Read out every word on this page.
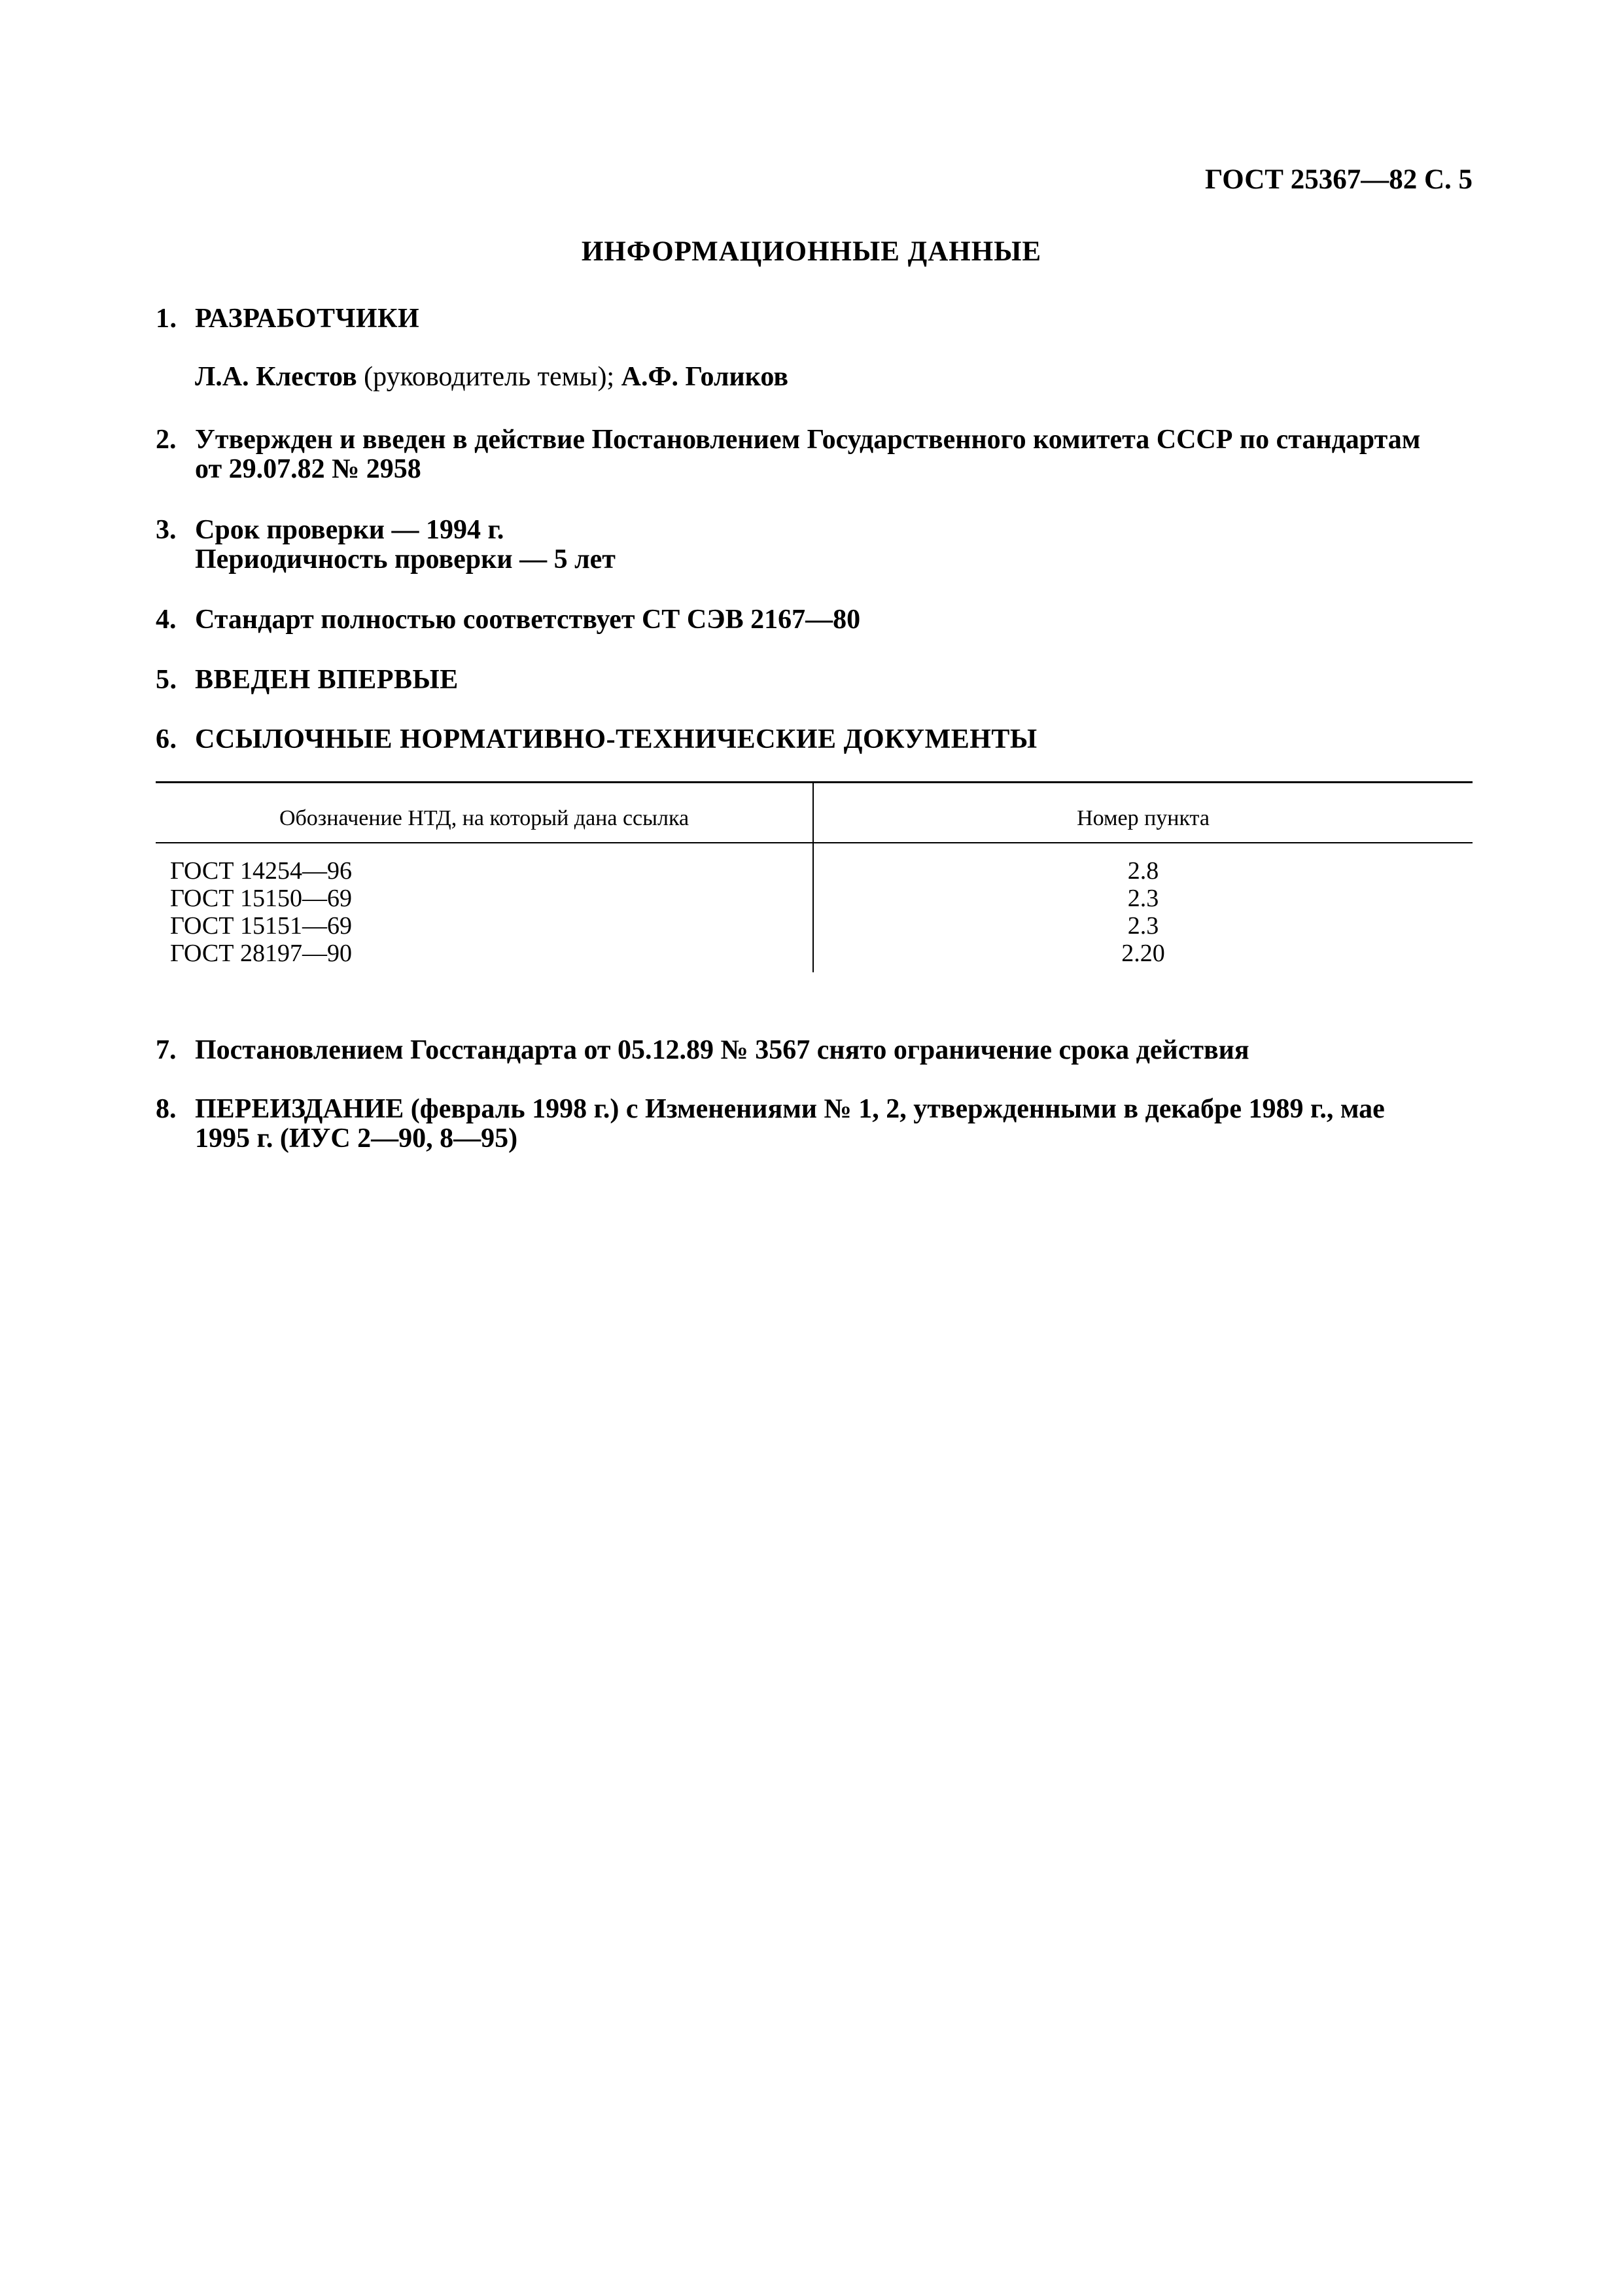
ГОСТ 25367—82 С. 5
ИНФОРМАЦИОННЫЕ ДАННЫЕ
1. РАЗРАБОТЧИКИ
Л.А. Клестов (руководитель темы); А.Ф. Голиков
2. Утвержден и введен в действие Постановлением Государственного комитета СССР по стандартам
от 29.07.82 № 2958
3. Срок проверки — 1994 г.
Периодичность проверки — 5 лет
4. Стандарт полностью соответствует СТ СЭВ 2167—80
5. ВВЕДЕН ВПЕРВЫЕ
6. ССЫЛОЧНЫЕ НОРМАТИВНО-ТЕХНИЧЕСКИЕ ДОКУМЕНТЫ
Обозначение НТД, на который дана ссылка	Номер пункта
ГОСТ 14254—96	2.8
ГОСТ 15150—69	2.3
ГОСТ 15151—69	2.3
ГОСТ 28197—90	2.20
7. Постановлением Госстандарта от 05.12.89 № 3567 снято ограничение срока действия
8. ПЕРЕИЗДАНИЕ (февраль 1998 г.) с Изменениями № 1, 2, утвержденными в декабре 1989 г., мае
1995 г. (ИУС 2—90, 8—95)
